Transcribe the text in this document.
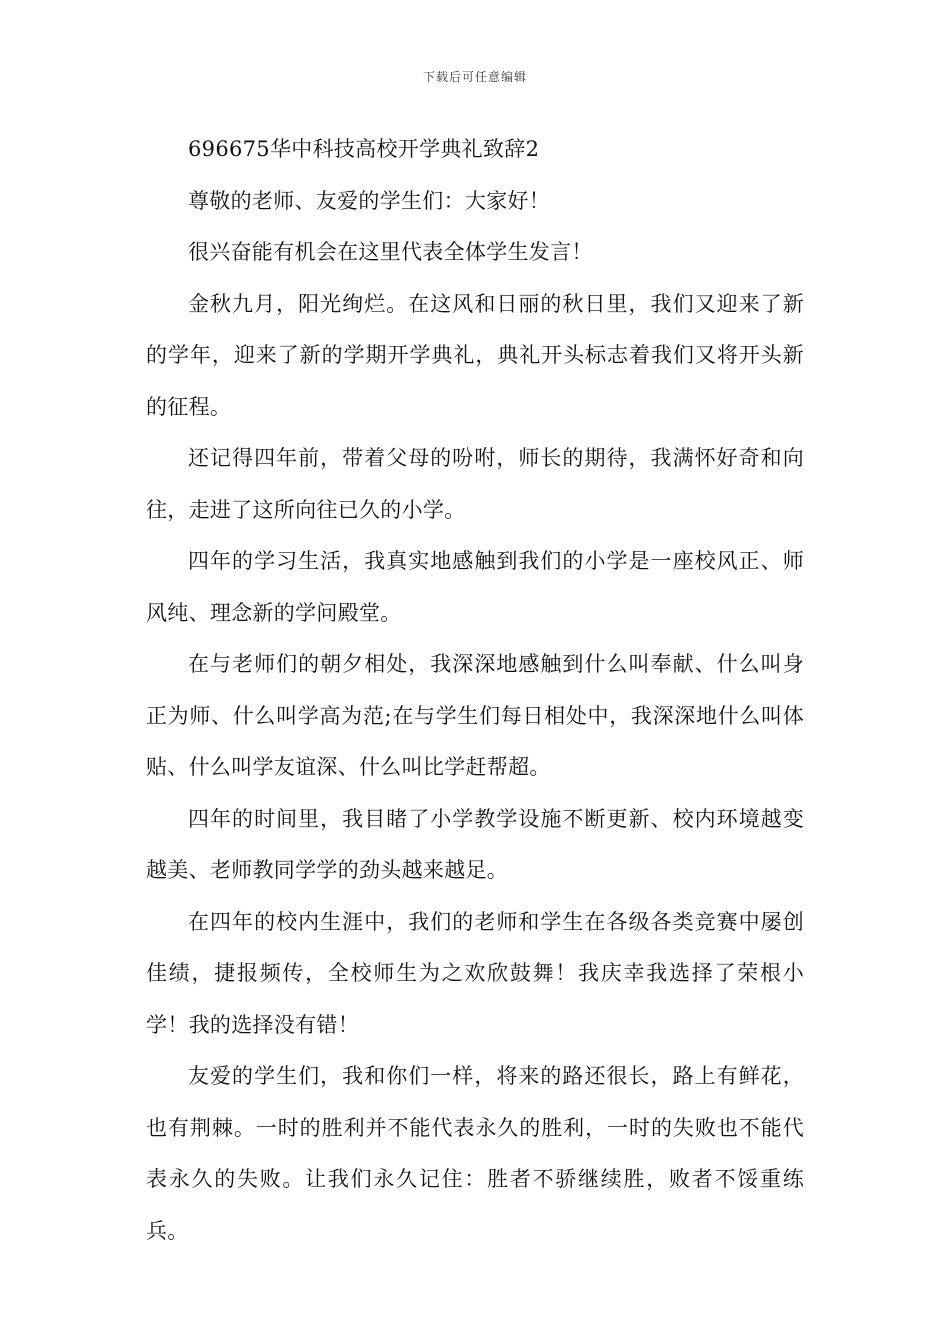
下载后可任意编辑

696675华中科技高校开学典礼致辞2

尊敬的老师、友爱的学生们：大家好！

很兴奋能有机会在这里代表全体学生发言！

金秋九月，阳光绚烂。在这风和日丽的秋日里，我们又迎来了新的学年，迎来了新的学期开学典礼，典礼开头标志着我们又将开头新的征程。

还记得四年前，带着父母的吩咐，师长的期待，我满怀好奇和向往，走进了这所向往已久的小学。

四年的学习生活，我真实地感触到我们的小学是一座校风正、师风纯、理念新的学问殿堂。

在与老师们的朝夕相处，我深深地感触到什么叫奉献、什么叫身正为师、什么叫学高为范;在与学生们每日相处中，我深深地什么叫体贴、什么叫学友谊深、什么叫比学赶帮超。

四年的时间里，我目睹了小学教学设施不断更新、校内环境越变越美、老师教同学学的劲头越来越足。

在四年的校内生涯中，我们的老师和学生在各级各类竞赛中屡创佳绩，捷报频传，全校师生为之欢欣鼓舞！我庆幸我选择了荣根小学！我的选择没有错！

友爱的学生们，我和你们一样，将来的路还很长，路上有鲜花，也有荆棘。一时的胜利并不能代表永久的胜利，一时的失败也不能代表永久的失败。让我们永久记住：胜者不骄继续胜，败者不馁重练兵。
